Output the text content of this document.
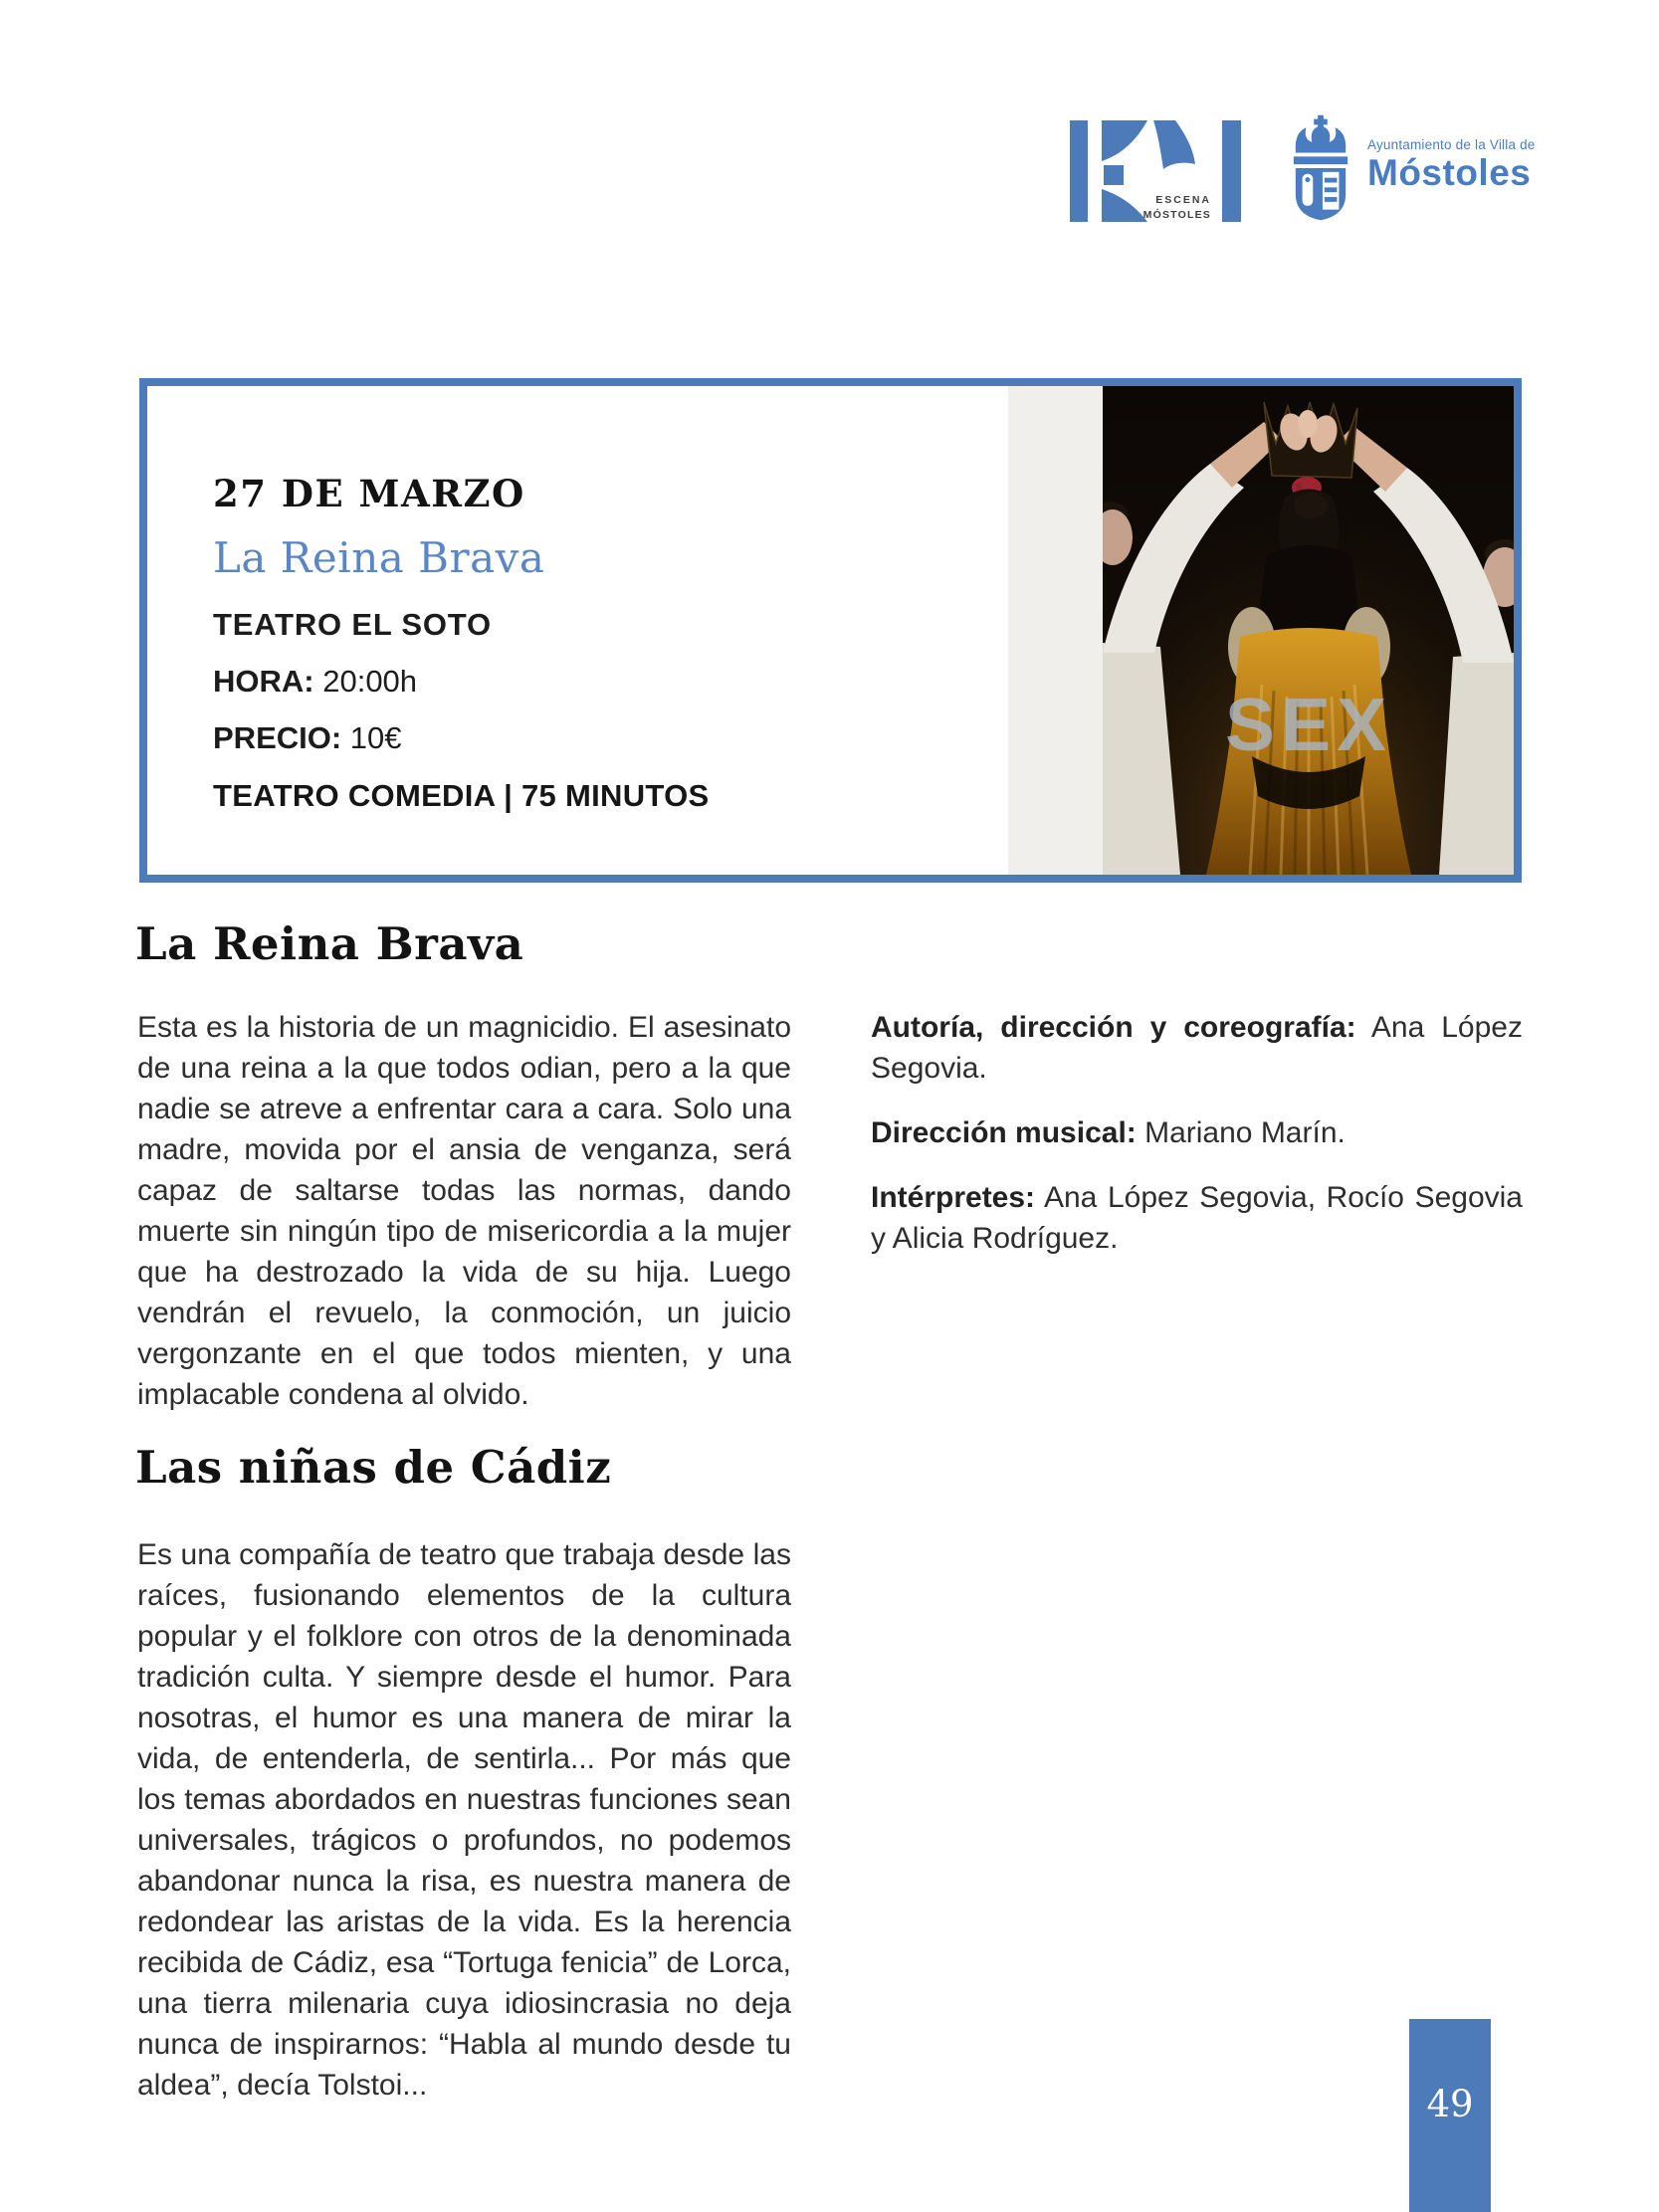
ESCENA
MÓSTOLES
Ayuntamiento de la Villa de
Móstoles
27 DE MARZO
La Reina Brava
TEATRO EL SOTO
HORA: 20:00h
PRECIO: 10€
TEATRO COMEDIA | 75 MINUTOS
SEX
La Reina Brava

Esta es la historia de un magnicidio. El asesinato de una reina a la que todos odian, pero a la que nadie se atreve a enfrentar cara a cara. Solo una madre, movida por el ansia de venganza, será capaz de saltarse todas las normas, dando muerte sin ningún tipo de misericordia a la mujer que ha destrozado la vida de su hija. Luego vendrán el revuelo, la conmoción, un juicio vergonzante en el que todos mienten, y una implacable condena al olvido.

Autoría, dirección y coreografía: Ana López Segovia.

Dirección musical: Mariano Marín.

Intérpretes: Ana López Segovia, Rocío Segovia y Alicia Rodríguez.

Las niñas de Cádiz

Es una compañía de teatro que trabaja desde las raíces, fusionando elementos de la cultura popular y el folklore con otros de la denominada tradición culta. Y siempre desde el humor. Para nosotras, el humor es una manera de mirar la vida, de entenderla, de sentirla... Por más que los temas abordados en nuestras funciones sean universales, trágicos o profundos, no podemos abandonar nunca la risa, es nuestra manera de redondear las aristas de la vida. Es la herencia recibida de Cádiz, esa “Tortuga fenicia” de Lorca, una tierra milenaria cuya idiosincrasia no deja nunca de inspirarnos: “Habla al mundo desde tu aldea”, decía Tolstoi...	49
